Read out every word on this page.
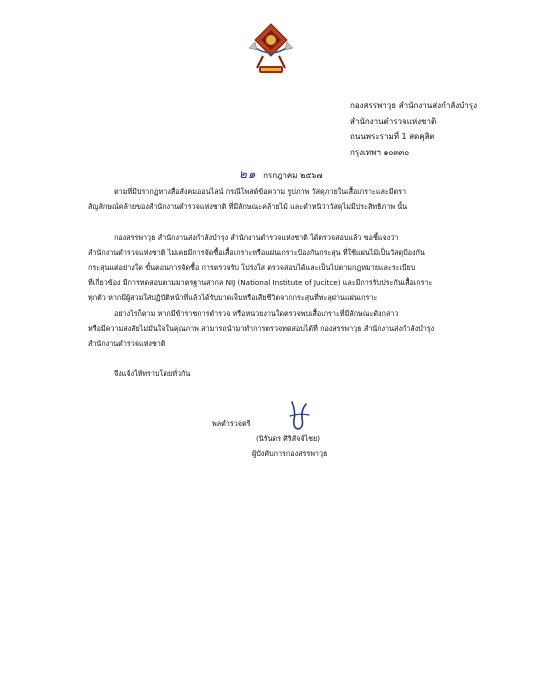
กองสรรพาวุธ สำนักงานส่งกำลังบำรุง
สำนักงานตำรวจแห่งชาติ
ถนนพระรามที่ 1 สดคุสิต
กรุงเทพฯ ๑๐๓๓๐
๒๑ กรกฎาคม ๒๕๖๗
ตามที่มีปรากฏทางสื่อสังคมออนไลน์ กรณีโพสต์ข้อความ รูปภาพ วัสดุภายในเสื้อเกราะและมีตรา
สัญลักษณ์คล้ายของสำนักงานตำรวจแห่งชาติ ที่มีลักษณะคล้ายไม้ และตำหนิว่าวัสดุไม่มีประสิทธิภาพ นั้น
กองสรรพาวุธ สำนักงานส่งกำลังบำรุง สำนักงานตำรวจแห่งชาติ ได้ตรวจสอบแล้ว ขอชี้แจงว่า
สำนักงานตำรวจแห่งชาติ ไม่เคยมีการจัดซื้อเสื้อเกราะหรือแผ่นเกราะป้องกันกระสุน ที่ใช้แผ่นไม้เป็นวัสดุป้องกัน
กระสุนแต่อย่างใด ขั้นตอนการจัดซื้อ การตรวจรับ โปร่งใส ตรวจสอบได้และเป็นไปตามกฎหมายและระเบียบ
ที่เกี่ยวข้อง มีการทดสอบตามมาตรฐานสากล NIJ (National Institute of Jucitce) และมีการรับประกันเสื้อเกราะ
ทุกตัว หากมีผู้สวมใส่ปฏิบัติหน้าที่แล้วได้รับบาดเจ็บหรือเสียชีวิตจากกระสุนที่ทะลุผ่านแผ่นเกราะ
อย่างไรก็ตาม หากมีข้าราชการตำรวจ หรือหน่วยงานใดตรวจพบเสื้อเกราะที่มีลักษณะดังกล่าว
หรือมีความสงสัยไม่มั่นใจในคุณภาพ สามารถนำมาทำการตรวจทดสอบได้ที่ กองสรรพาวุธ สำนักงานส่งกำลังบำรุง
สำนักงานตำรวจแห่งชาติ
จึงแจ้งให้ทราบโดยทั่วกัน
พลตำรวจตรี
(นิรันดร ศิริสัจจ์ไชย)
ผู้บังคับการกองสรรพาวุธ
